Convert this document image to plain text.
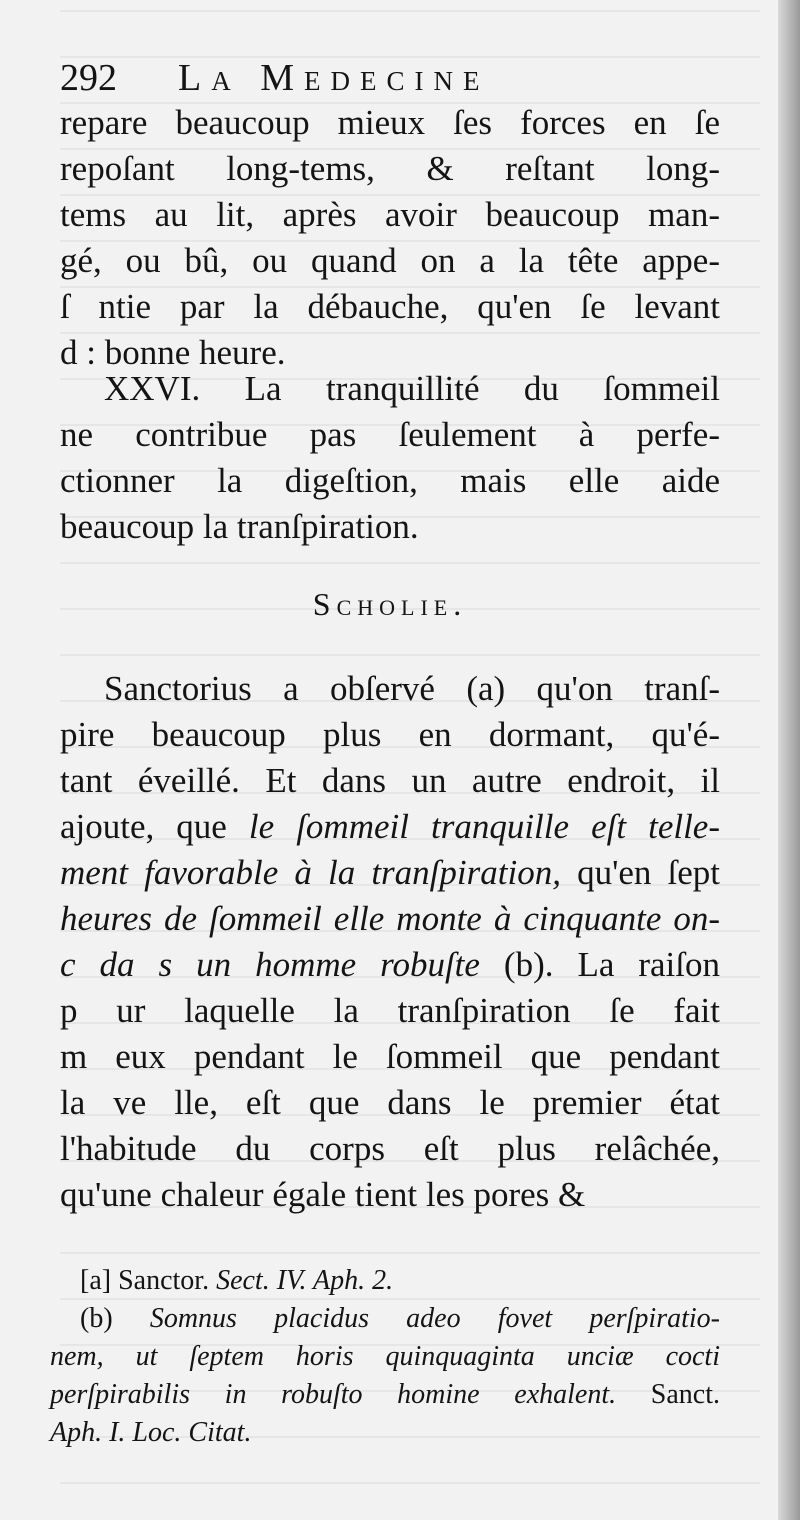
292 La Medecine
repare beaucoup mieux ſes forces en ſe
repoſant long-tems, & reſtant long-
tems au lit, après avoir beaucoup man-
gé, ou bû, ou quand on a la tête appe-
ſ ntie par la débauche, qu'en ſe levant
d : bonne heure.
XXVI. La tranquillité du ſommeil
ne contribue pas ſeulement à perfe-
ctionner la digeſtion, mais elle aide
beaucoup la tranſpiration.
Scholie.
Sanctorius a obſervé (a) qu'on tranſ-
pire beaucoup plus en dormant, qu'é-
tant éveillé. Et dans un autre endroit, il
ajoute, que le ſommeil tranquille eſt telle-
ment favorable à la tranſpiration, qu'en ſept
heures de ſommeil elle monte à cinquante on-
c da s un homme robuſte (b). La raiſon
p ur laquelle la tranſpiration ſe fait
m eux pendant le ſommeil que pendant
la ve lle, eſt que dans le premier état
l'habitude du corps eſt plus relâchée,
qu'une chaleur égale tient les pores &
[a] Sanctor. Sect. IV. Aph. 2.
(b) Somnus placidus adeo fovet perſpiratio-
nem, ut ſeptem horis quinquaginta unciæ cocti
perſpirabilis in robuſto homine exhalent. Sanct.
Aph. I. Loc. Citat.
